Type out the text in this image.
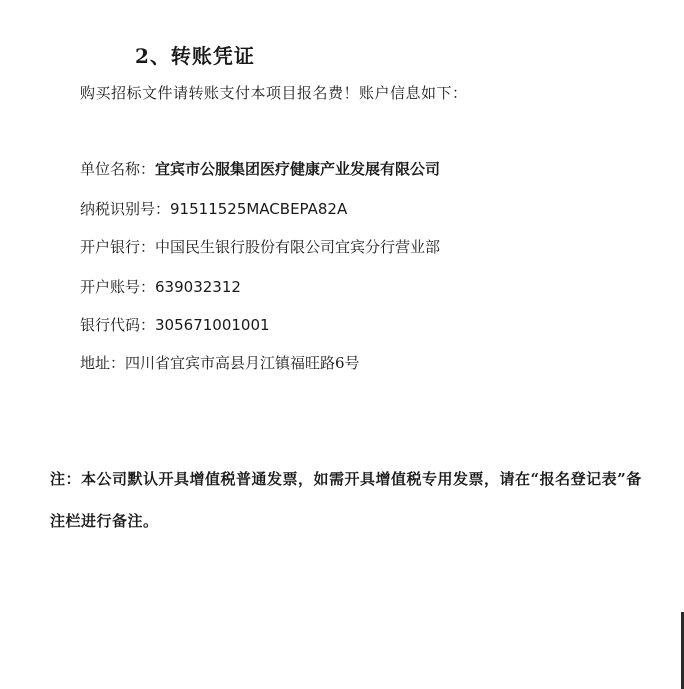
2、转账凭证
购买招标文件请转账支付本项目报名费！账户信息如下：
单位名称：宜宾市公服集团医疗健康产业发展有限公司
纳税识别号：91511525MACBEPA82A
开户银行：中国民生银行股份有限公司宜宾分行营业部
开户账号：639032312
银行代码：305671001001
地址：四川省宜宾市高县月江镇福旺路6号
注：本公司默认开具增值税普通发票，如需开具增值税专用发票，请在“报名登记表”备注栏进行备注。
